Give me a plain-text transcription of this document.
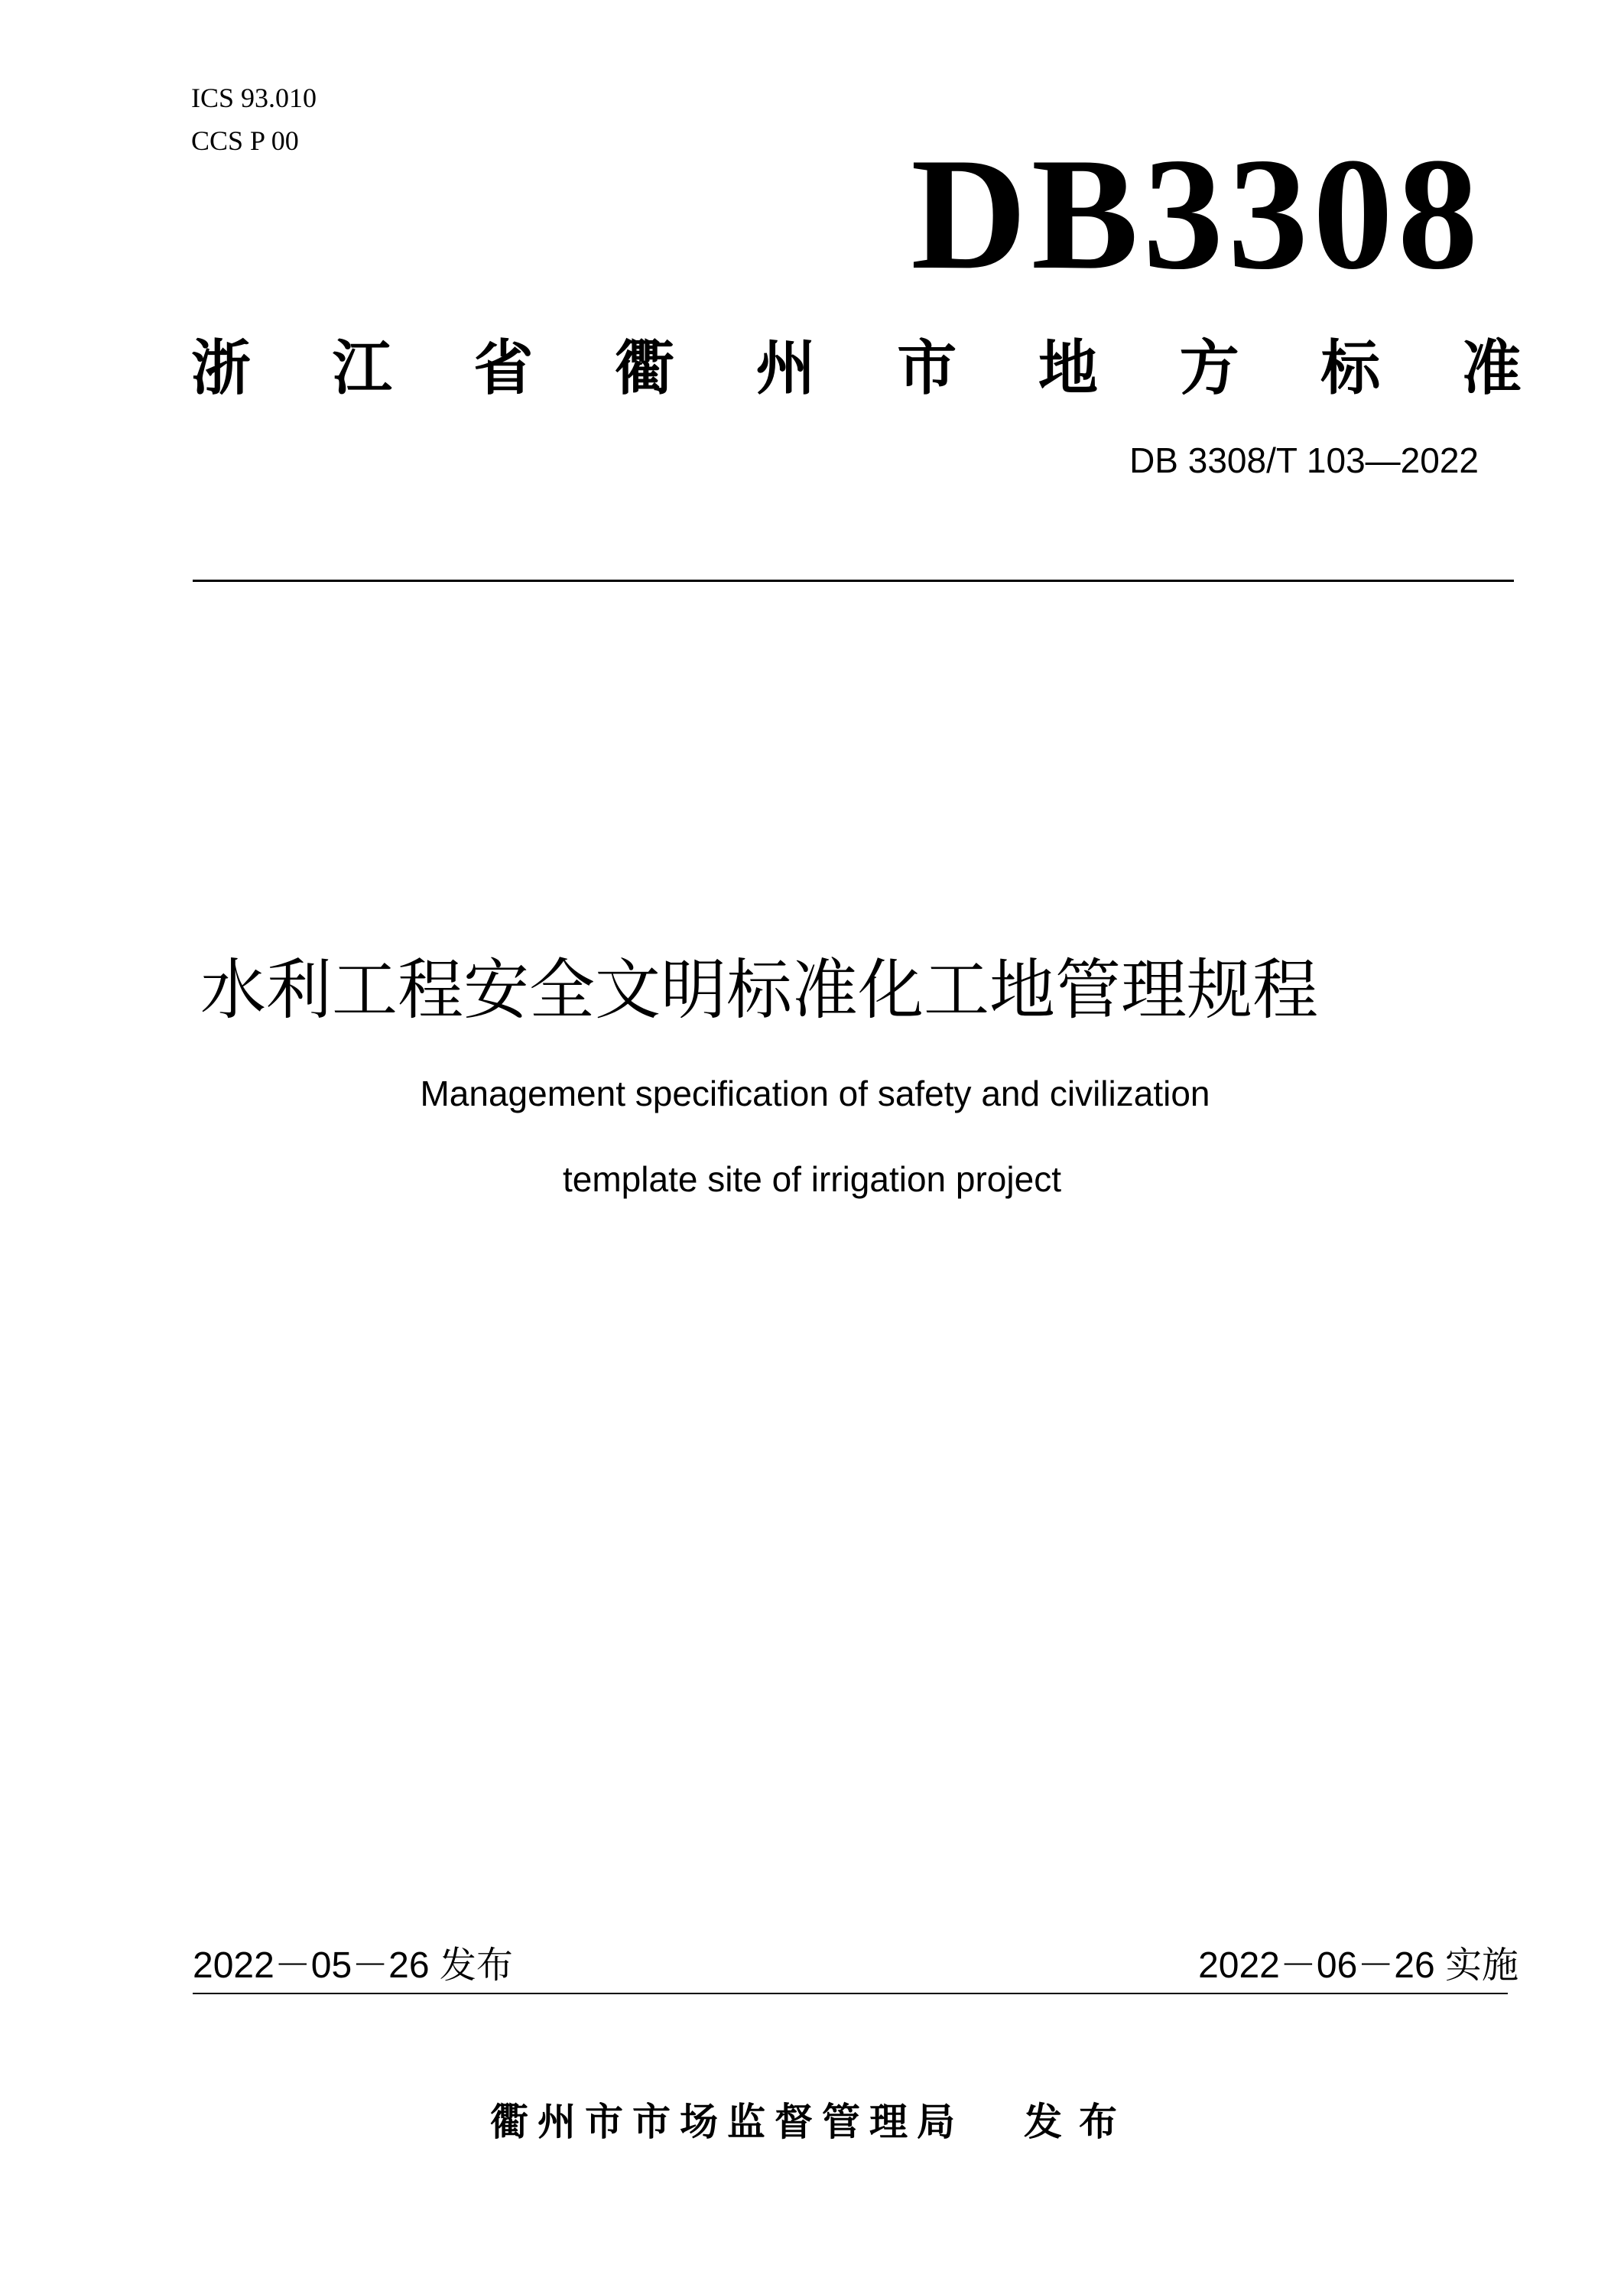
ICS 93.010
CCS P 00	DB3308
浙 江 省 衢 州 市 地 方 标 准
DB 3308/T 103—2022
水利工程安全文明标准化工地管理规程
Management specification of safety and civilization
template site of irrigation project
2022－05－26 发布	2022－06－26 实施
衢州市市场监督管理局 发布
